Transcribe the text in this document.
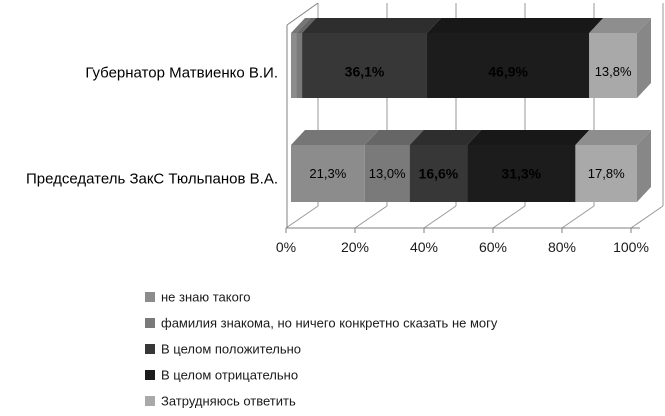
36,1%	46,9%	13,8%
21,3% 13,0% 16,6%	31,3%	17,8%
Губернатор Матвиенко В.И.
Председатель ЗакС Тюльпанов В.А.
0%	20%	40%	60%	80%	100%
не знаю такого
фамилия знакома, но ничего конкретно сказать не могу
В целом положительно
В целом отрицательно
Затрудняюсь ответить
